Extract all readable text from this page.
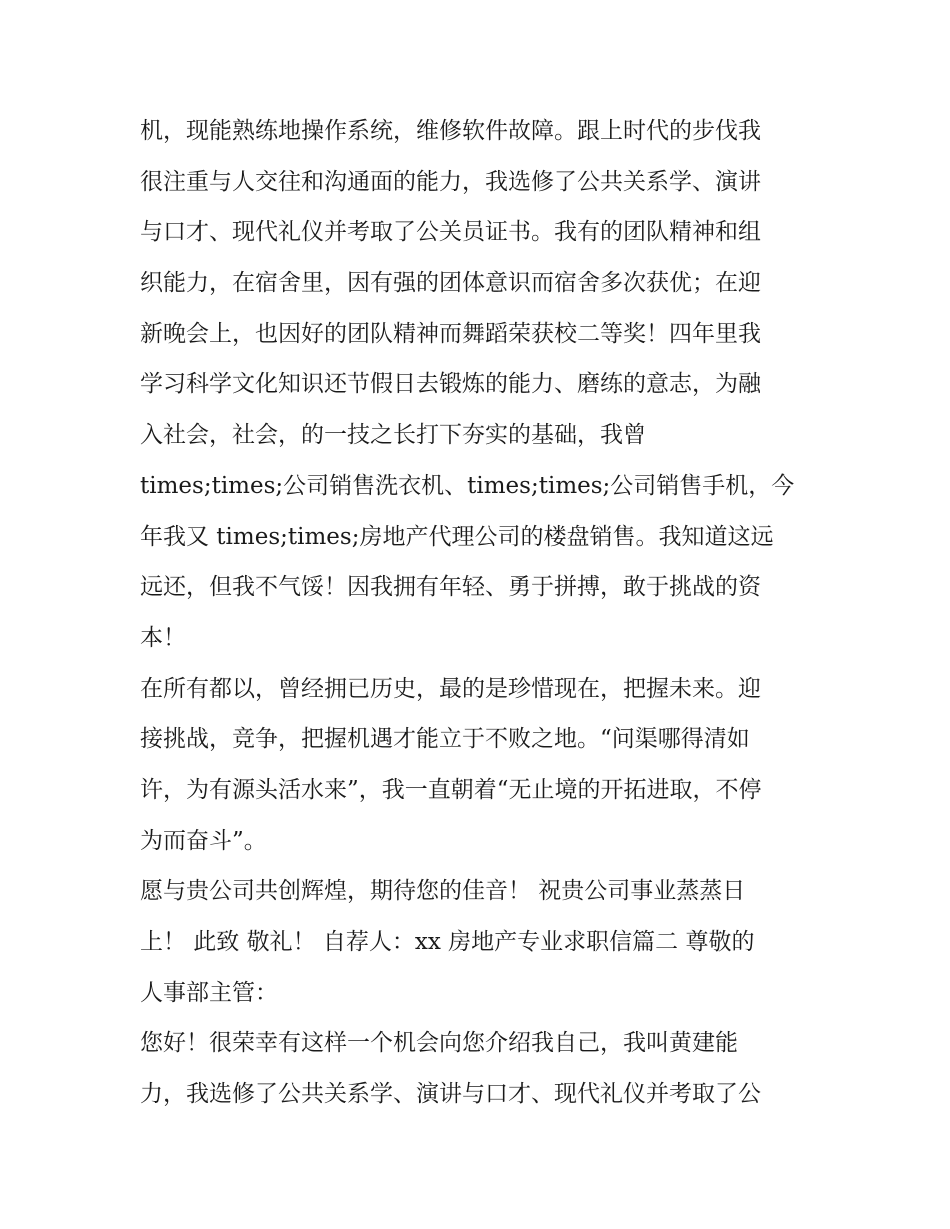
机，现能熟练地操作系统，维修软件故障。跟上时代的步伐我
很注重与人交往和沟通面的能力，我选修了公共关系学、演讲
与口才、现代礼仪并考取了公关员证书。我有的团队精神和组
织能力，在宿舍里，因有强的团体意识而宿舍多次获优；在迎
新晚会上，也因好的团队精神而舞蹈荣获校二等奖！四年里我
学习科学文化知识还节假日去锻炼的能力、磨练的意志，为融
入社会，社会，的一技之长打下夯实的基础，我曾
times;times;公司销售洗衣机、times;times;公司销售手机，今
年我又 times;times;房地产代理公司的楼盘销售。我知道这远
远还，但我不气馁！因我拥有年轻、勇于拼搏，敢于挑战的资
本！
在所有都以，曾经拥已历史，最的是珍惜现在，把握未来。迎
接挑战，竞争，把握机遇才能立于不败之地。“问渠哪得清如
许，为有源头活水来”，我一直朝着“无止境的开拓进取，不停
为而奋斗”。
愿与贵公司共创辉煌，期待您的佳音！ 祝贵公司事业蒸蒸日
上！ 此致 敬礼！ 自荐人：xx 房地产专业求职信篇二 尊敬的
人事部主管：
您好！很荣幸有这样一个机会向您介绍我自己，我叫黄建能
力，我选修了公共关系学、演讲与口才、现代礼仪并考取了公
